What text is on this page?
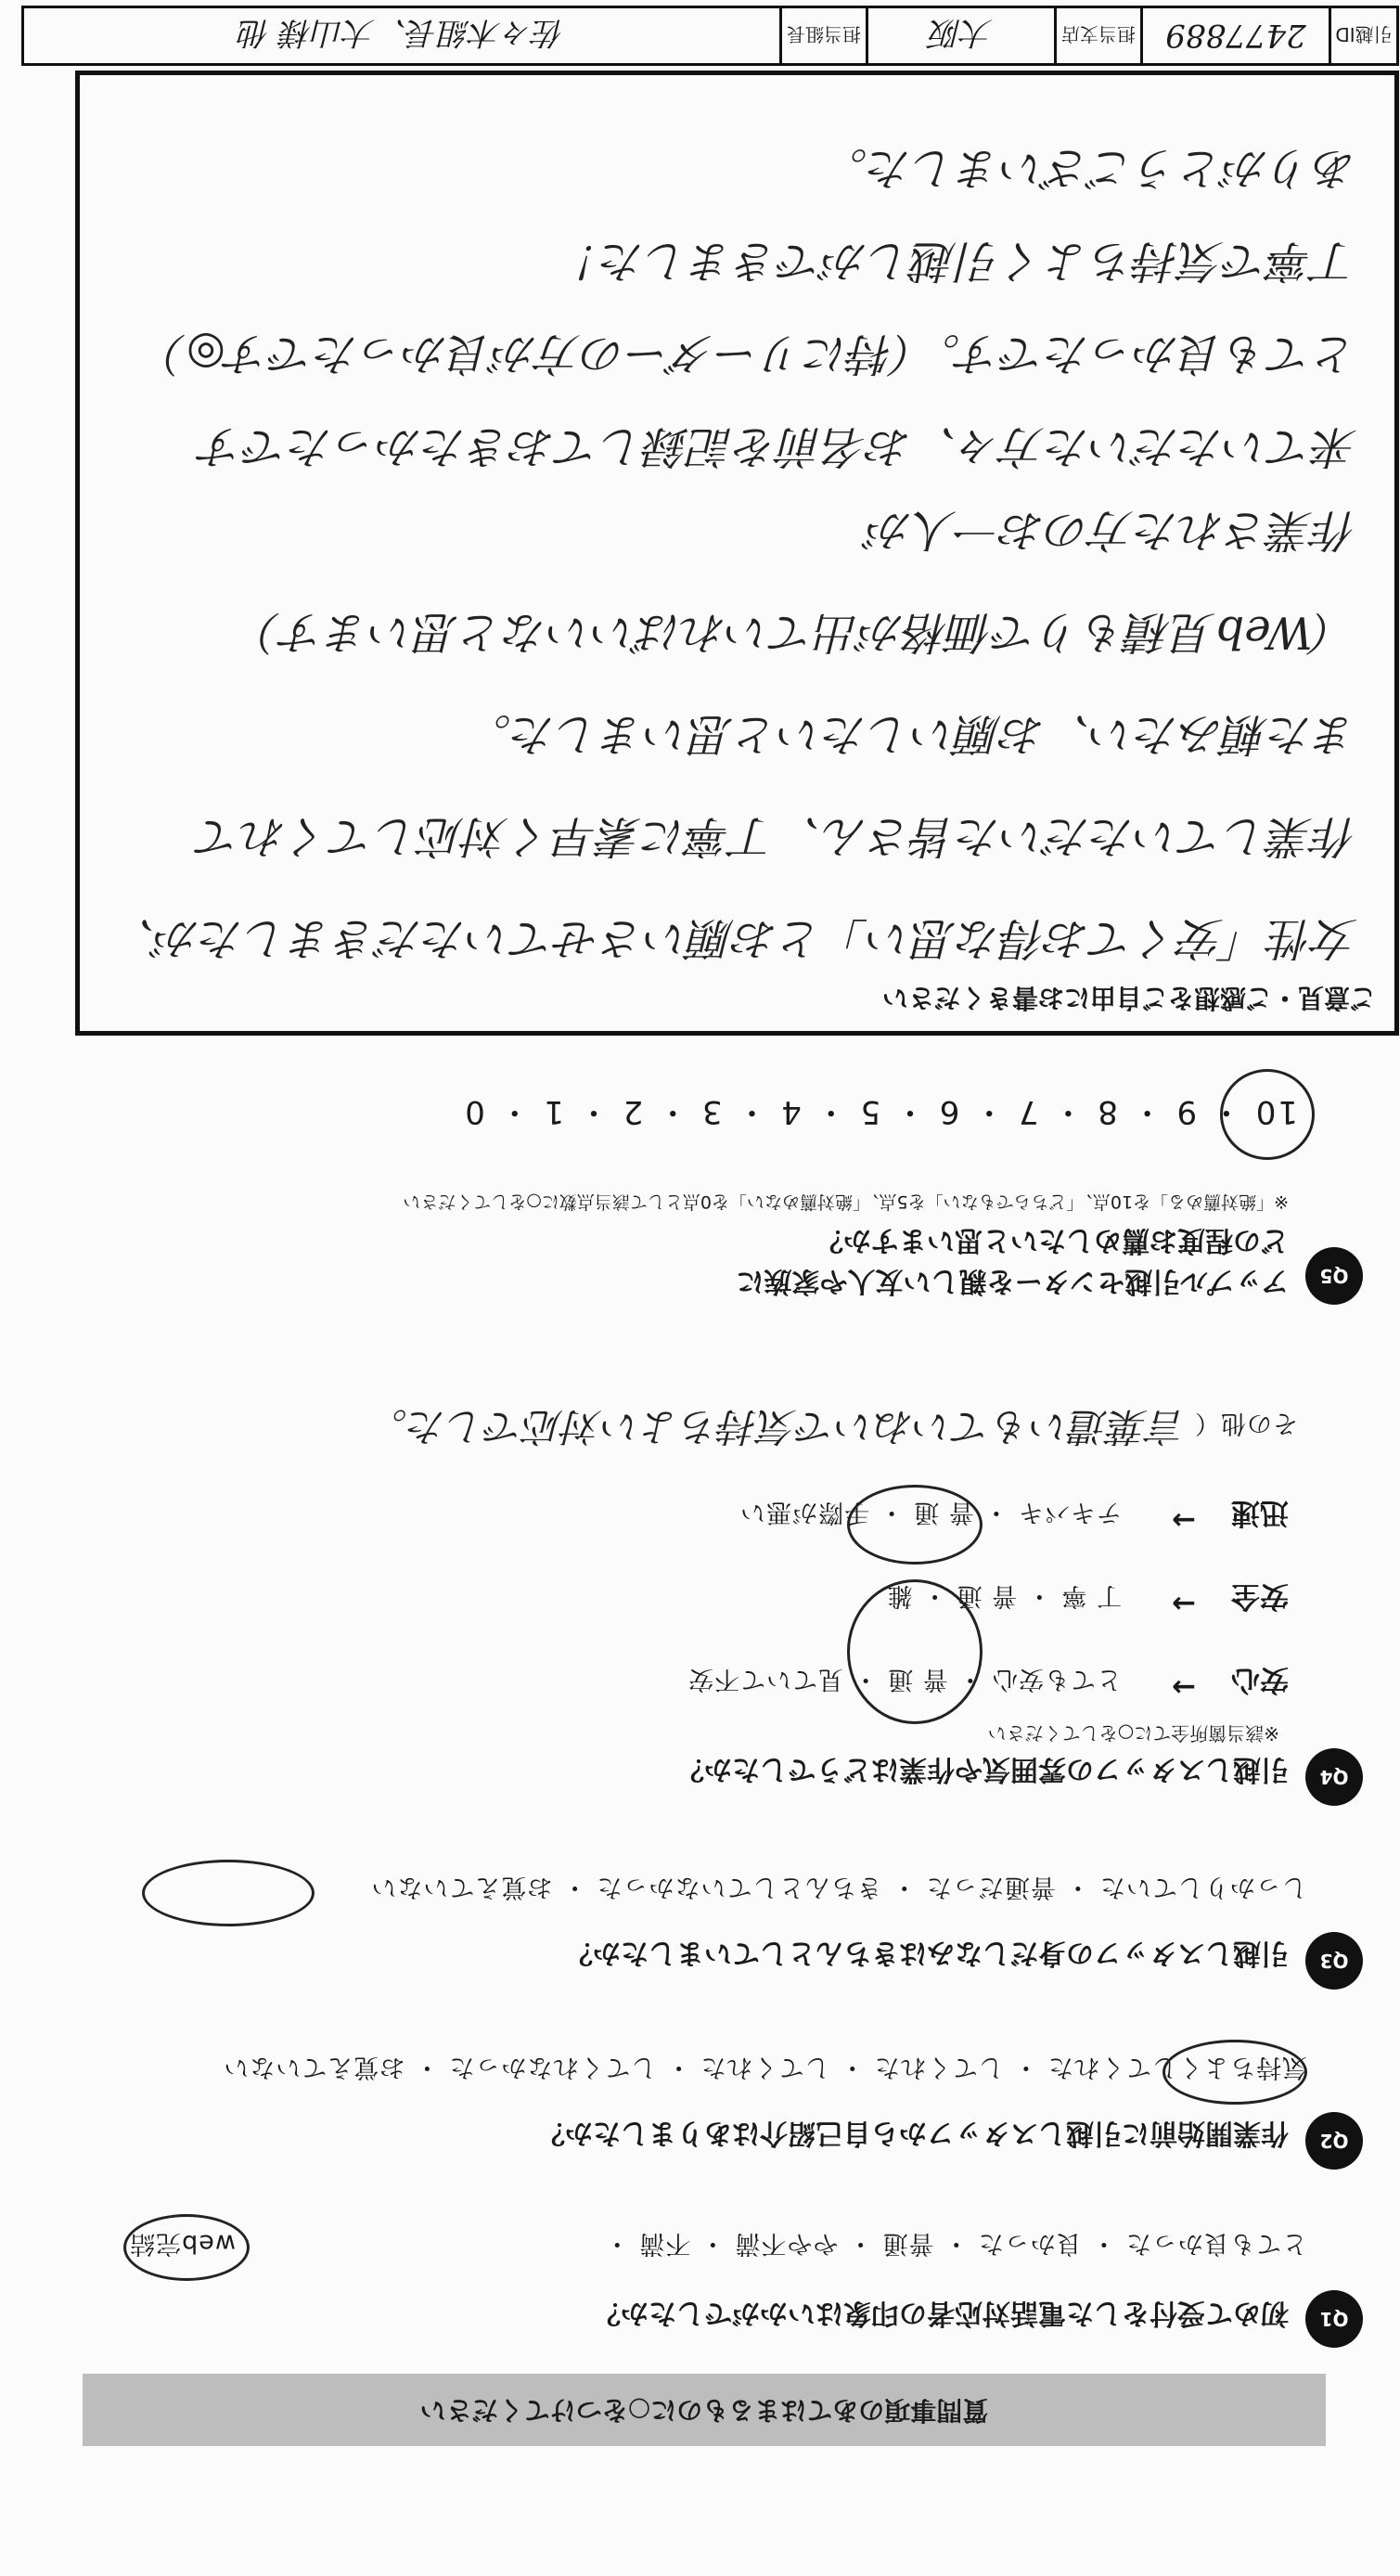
質問事項のあてはまるものに○をつけてください
Q1
初めて受付をした電話対応者の印象はいかがでしたか？
とても良かった ・ 良かった ・ 普通 ・ やや不満 ・ 不満 ・
web完結
Q2
作業開始前に引越しスタッフから自己紹介はありましたか？
気持ちよくしてくれた ・ してくれた ・ してくれた ・ してくれなかった ・ お覚えていない
Q3
引越しスタッフの身だしなみはきちんとしていましたか？
しっかりしていた ・ 普通だった ・ きちんとしていなかった ・ お覚えていない
Q4
引越しスタッフの雰囲気や作業はどうでしたか？
※該当箇所全てに○をしてください
安心
→
とても安心 ・ 普 通 ・ 見ていて不安
安全
→
丁 寧 ・ 普 通 ・ 雑
迅速
→
テキパキ ・ 普 通 ・ 手際が悪い
その他（
言葉遣いもていねいで気持ちよい対応でした。
Q5
アップル引越センターを親しい友人や家族に
どの程度お薦めしたいと思いますか？
※「絶対薦める」を10点、「どちらでもない」を5点、「絶対薦めない」を0点として該当点数に○をしてください
10 ・ 9 ・ 8 ・ 7 ・ 6 ・ 5 ・ 4 ・ 3 ・ 2 ・ 1 ・ 0
ご意見・ご感想をご自由にお書きください
女性「安くてお得な思い」とお願いさせていただきましたが、
作業していただいた皆さん、丁寧に素早く対応してくれて
また頼みたい、お願いしたいと思いました。
（Web見積もりで価格が出ていればいいなと思います）
作業された方のお一人が
来ていただいた方々、お名前を記録しておきたかったです
とても良かったです。（特にリーダーの方が良かったです◎）
丁寧で気持ちよく引越しができました！
ありがとうございました。
引越ID
2477889
担当支店
大阪
担当組長
佐々木組長、大山様 他
